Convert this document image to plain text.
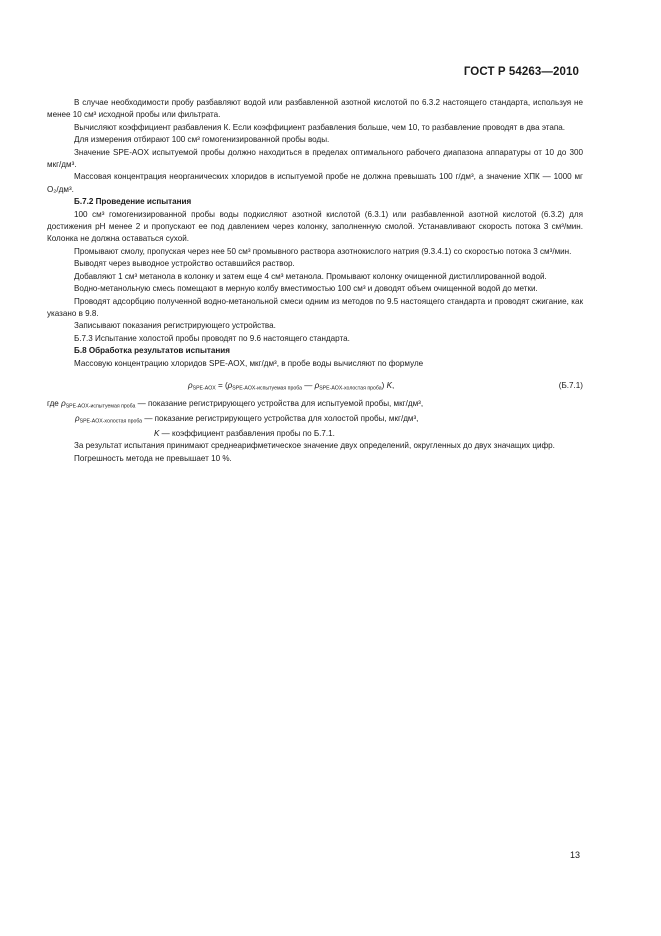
ГОСТ Р 54263—2010

В случае необходимости пробу разбавляют водой или разбавленной азотной кислотой по 6.3.2 настоящего стандарта, используя не менее 10 см³ исходной пробы или фильтрата.

Вычисляют коэффициент разбавления К. Если коэффициент разбавления больше, чем 10, то разбавление проводят в два этапа.

Для измерения отбирают 100 см³ гомогенизированной пробы воды.

Значение SPE-AOX испытуемой пробы должно находиться в пределах оптимального рабочего диапазона аппаратуры от 10 до 300 мкг/дм³.

Массовая концентрация неорганических хлоридов в испытуемой пробе не должна превышать 100 г/дм³, а значение ХПК — 1000 мг О₂/дм³.

Б.7.2 Проведение испытания

100 см³ гомогенизированной пробы воды подкисляют азотной кислотой (6.3.1) или разбавленной азотной кислотой (6.3.2) для достижения рН менее 2 и пропускают ее под давлением через колонку, заполненную смолой. Устанавливают скорость потока 3 см³/мин. Колонка не должна оставаться сухой.

Промывают смолу, пропуская через нее 50 см³ промывного раствора азотнокислого натрия (9.3.4.1) со скоростью потока 3 см³/мин.

Выводят через выводное устройство оставшийся раствор.

Добавляют 1 см³ метанола в колонку и затем еще 4 см³ метанола. Промывают колонку очищенной дистиллированной водой.

Водно-метанольную смесь помещают в мерную колбу вместимостью 100 см³ и доводят объем очищенной водой до метки.

Проводят адсорбцию полученной водно-метанольной смеси одним из методов по 9.5 настоящего стандарта и проводят сжигание, как указано в 9.8.

Записывают показания регистрирующего устройства.

Б.7.3 Испытание холостой пробы проводят по 9.6 настоящего стандарта.

Б.8 Обработка результатов испытания

Массовую концентрацию хлоридов SPE-AOX, мкг/дм³, в пробе воды вычисляют по формуле

$\rho_{SPE-AOX} = (\rho_{SPE-AOX-испытуемая проба}$ — $\rho_{SPE-AOX-холостая проба}$) K,	(Б.7.1)

где $\rho_{SPE-AOX-испытуемая проба}$ — показание регистрирующего устройства для испытуемой пробы, мкг/дм³,

$\rho_{SPE-AOX-холостая проба}$ — показание регистрирующего устройства для холостой пробы, мкг/дм³,

K — коэффициент разбавления пробы по Б.7.1.

За результат испытания принимают среднеарифметическое значение двух определений, округленных до двух значащих цифр.

Погрешность метода не превышает 10 %.

13
